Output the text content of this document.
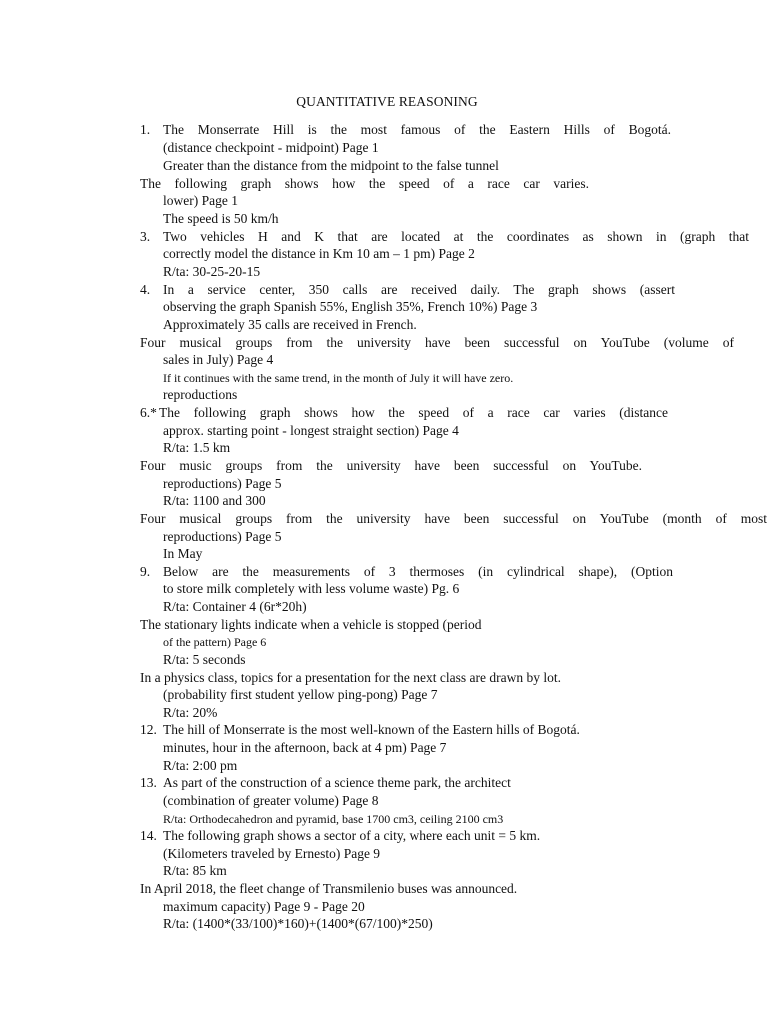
QUANTITATIVE REASONING
1. The Monserrate Hill is the most famous of the Eastern Hills of Bogotá.
(distance checkpoint - midpoint) Page 1
Greater than the distance from the midpoint to the false tunnel
The following graph shows how the speed of a race car varies.
lower) Page 1
The speed is 50 km/h
3. Two vehicles H and K that are located at the coordinates as shown in (graph that
correctly model the distance in Km 10 am – 1 pm) Page 2
R/ta: 30-25-20-15
4. In a service center, 350 calls are received daily. The graph shows (assert
observing the graph Spanish 55%, English 35%, French 10%) Page 3
Approximately 35 calls are received in French.
Four musical groups from the university have been successful on YouTube (volume of
sales in July) Page 4
If it continues with the same trend, in the month of July it will have zero.
reproductions
6.* The following graph shows how the speed of a race car varies (distance
approx. starting point - longest straight section) Page 4
R/ta: 1.5 km
Four music groups from the university have been successful on YouTube.
reproductions) Page 5
R/ta: 1100 and 300
Four musical groups from the university have been successful on YouTube (month of most
reproductions) Page 5
In May
9. Below are the measurements of 3 thermoses (in cylindrical shape), (Option
to store milk completely with less volume waste) Pg. 6
R/ta: Container 4 (6r*20h)
The stationary lights indicate when a vehicle is stopped (period
of the pattern) Page 6
R/ta: 5 seconds
In a physics class, topics for a presentation for the next class are drawn by lot.
(probability first student yellow ping-pong) Page 7
R/ta: 20%
12. The hill of Monserrate is the most well-known of the Eastern hills of Bogotá.
minutes, hour in the afternoon, back at 4 pm) Page 7
R/ta: 2:00 pm
13. As part of the construction of a science theme park, the architect
(combination of greater volume) Page 8
R/ta: Orthodecahedron and pyramid, base 1700 cm3, ceiling 2100 cm3
14. The following graph shows a sector of a city, where each unit = 5 km.
(Kilometers traveled by Ernesto) Page 9
R/ta: 85 km
In April 2018, the fleet change of Transmilenio buses was announced.
maximum capacity) Page 9 - Page 20
R/ta: (1400*(33/100)*160)+(1400*(67/100)*250)
